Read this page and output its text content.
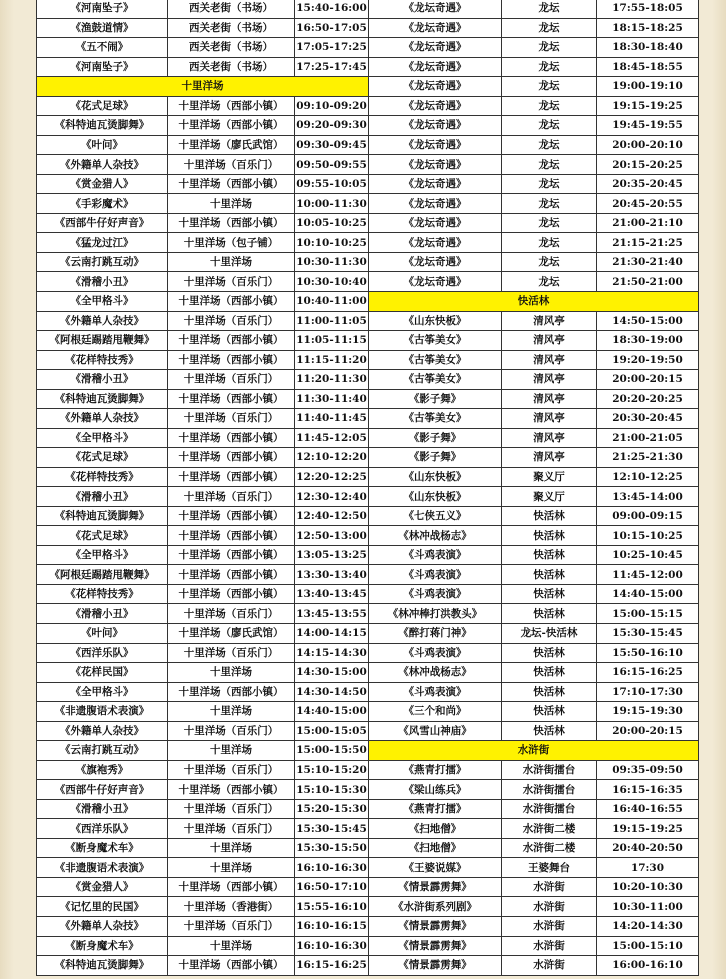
《河南坠子》	西关老街（书场）	15:40-16:00	《龙坛奇遇》	龙坛	17:55-18:05
《渔鼓道情》	西关老街（书场）	16:50-17:05	《龙坛奇遇》	龙坛	18:15-18:25
《五不闹》	西关老街（书场）	17:05-17:25	《龙坛奇遇》	龙坛	18:30-18:40
《河南坠子》	西关老街（书场）	17:25-17:45	《龙坛奇遇》	龙坛	18:45-18:55
十里洋场			《龙坛奇遇》	龙坛	19:00-19:10
《花式足球》	十里洋场（西部小镇）	09:10-09:20	《龙坛奇遇》	龙坛	19:15-19:25
《科特迪瓦烫脚舞》	十里洋场（西部小镇）	09:20-09:30	《龙坛奇遇》	龙坛	19:45-19:55
《叶问》	十里洋场（廖氏武馆）	09:30-09:45	《龙坛奇遇》	龙坛	20:00-20:10
《外籍单人杂技》	十里洋场（百乐门）	09:50-09:55	《龙坛奇遇》	龙坛	20:15-20:25
《赏金猎人》	十里洋场（西部小镇）	09:55-10:05	《龙坛奇遇》	龙坛	20:35-20:45
《手彩魔术》	十里洋场	10:00-11:30	《龙坛奇遇》	龙坛	20:45-20:55
《西部牛仔好声音》	十里洋场（西部小镇）	10:05-10:25	《龙坛奇遇》	龙坛	21:00-21:10
《猛龙过江》	十里洋场（包子铺）	10:10-10:25	《龙坛奇遇》	龙坛	21:15-21:25
《云南打跳互动》	十里洋场	10:30-11:30	《龙坛奇遇》	龙坛	21:30-21:40
《滑稽小丑》	十里洋场（百乐门）	10:30-10:40	《龙坛奇遇》	龙坛	21:50-21:00
《全甲格斗》	十里洋场（西部小镇）	10:40-11:00	快活林		
《外籍单人杂技》	十里洋场（百乐门）	11:00-11:05	《山东快板》	清风亭	14:50-15:00
《阿根廷踢踏甩鞭舞》	十里洋场（西部小镇）	11:05-11:15	《古筝美女》	清风亭	18:30-19:00
《花样特技秀》	十里洋场（西部小镇）	11:15-11:20	《古筝美女》	清风亭	19:20-19:50
《滑稽小丑》	十里洋场（百乐门）	11:20-11:30	《古筝美女》	清风亭	20:00-20:15
《科特迪瓦烫脚舞》	十里洋场（西部小镇）	11:30-11:40	《影子舞》	清风亭	20:20-20:25
《外籍单人杂技》	十里洋场（百乐门）	11:40-11:45	《古筝美女》	清风亭	20:30-20:45
《全甲格斗》	十里洋场（西部小镇）	11:45-12:05	《影子舞》	清风亭	21:00-21:05
《花式足球》	十里洋场（西部小镇）	12:10-12:20	《影子舞》	清风亭	21:25-21:30
《花样特技秀》	十里洋场（西部小镇）	12:20-12:25	《山东快板》	聚义厅	12:10-12:25
《滑稽小丑》	十里洋场（百乐门）	12:30-12:40	《山东快板》	聚义厅	13:45-14:00
《科特迪瓦烫脚舞》	十里洋场（西部小镇）	12:40-12:50	《七侠五义》	快活林	09:00-09:15
《花式足球》	十里洋场（西部小镇）	12:50-13:00	《林冲战杨志》	快活林	10:15-10:25
《全甲格斗》	十里洋场（西部小镇）	13:05-13:25	《斗鸡表演》	快活林	10:25-10:45
《阿根廷踢踏甩鞭舞》	十里洋场（西部小镇）	13:30-13:40	《斗鸡表演》	快活林	11:45-12:00
《花样特技秀》	十里洋场（西部小镇）	13:40-13:45	《斗鸡表演》	快活林	14:40-15:00
《滑稽小丑》	十里洋场（百乐门）	13:45-13:55	《林冲棒打洪教头》	快活林	15:00-15:15
《叶问》	十里洋场（廖氏武馆）	14:00-14:15	《醉打蒋门神》	龙坛-快活林	15:30-15:45
《西洋乐队》	十里洋场（百乐门）	14:15-14:30	《斗鸡表演》	快活林	15:50-16:10
《花样民国》	十里洋场	14:30-15:00	《林冲战杨志》	快活林	16:15-16:25
《全甲格斗》	十里洋场（西部小镇）	14:30-14:50	《斗鸡表演》	快活林	17:10-17:30
《非遗腹语术表演》	十里洋场	14:40-15:00	《三个和尚》	快活林	19:15-19:30
《外籍单人杂技》	十里洋场（百乐门）	15:00-15:05	《风雪山神庙》	快活林	20:00-20:15
《云南打跳互动》	十里洋场	15:00-15:50	水浒街		
《旗袍秀》	十里洋场（百乐门）	15:10-15:20	《燕青打擂》	水浒街擂台	09:35-09:50
《西部牛仔好声音》	十里洋场（西部小镇）	15:10-15:30	《梁山练兵》	水浒街擂台	16:15-16:35
《滑稽小丑》	十里洋场（百乐门）	15:20-15:30	《燕青打擂》	水浒街擂台	16:40-16:55
《西洋乐队》	十里洋场（百乐门）	15:30-15:45	《扫地僧》	水浒街二楼	19:15-19:25
《断身魔术车》	十里洋场	15:30-15:50	《扫地僧》	水浒街二楼	20:40-20:50
《非遗腹语术表演》	十里洋场	16:10-16:30	《王婆说媒》	王婆舞台	17:30
《赏金猎人》	十里洋场（西部小镇）	16:50-17:10	《情景霹雳舞》	水浒街	10:20-10:30
《记忆里的民国》	十里洋场（香港街）	15:55-16:10	《水浒街系列剧》	水浒街	10:30-11:00
《外籍单人杂技》	十里洋场（百乐门）	16:10-16:15	《情景霹雳舞》	水浒街	14:20-14:30
《断身魔术车》	十里洋场	16:10-16:30	《情景霹雳舞》	水浒街	15:00-15:10
《科特迪瓦烫脚舞》	十里洋场（西部小镇）	16:15-16:25	《情景霹雳舞》	水浒街	16:00-16:10
